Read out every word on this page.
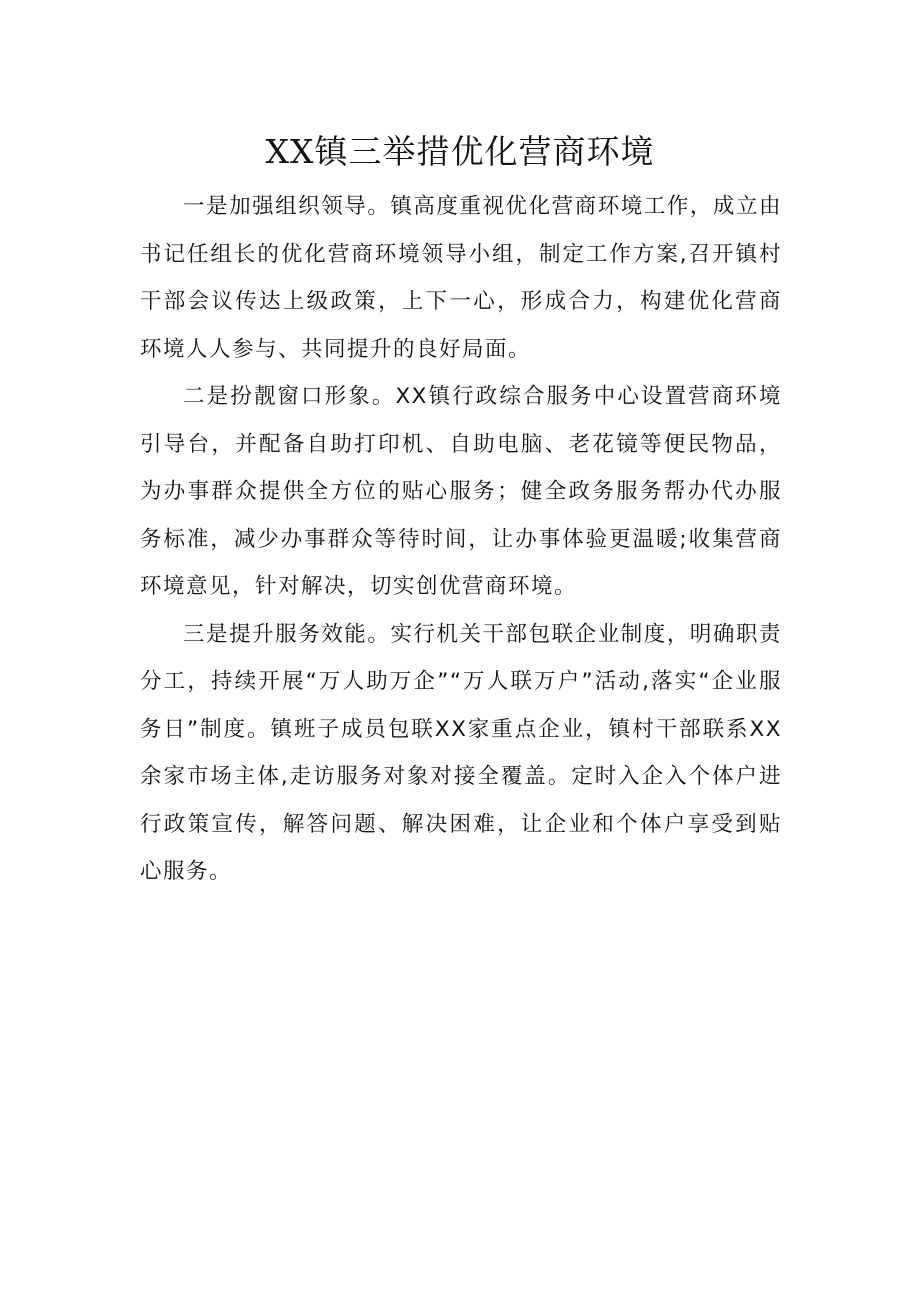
XX镇三举措优化营商环境

一是加强组织领导。镇高度重视优化营商环境工作，成立由书记任组长的优化营商环境领导小组，制定工作方案,召开镇村干部会议传达上级政策，上下一心，形成合力，构建优化营商环境人人参与、共同提升的良好局面。

二是扮靓窗口形象。XX镇行政综合服务中心设置营商环境引导台，并配备自助打印机、自助电脑、老花镜等便民物品，为办事群众提供全方位的贴心服务；健全政务服务帮办代办服务标准，减少办事群众等待时间，让办事体验更温暖;收集营商环境意见，针对解决，切实创优营商环境。

三是提升服务效能。实行机关干部包联企业制度，明确职责分工，持续开展“万人助万企”“万人联万户”活动,落实“企业服务日”制度。镇班子成员包联XX家重点企业，镇村干部联系XX余家市场主体,走访服务对象对接全覆盖。定时入企入个体户进行政策宣传，解答问题、解决困难，让企业和个体户享受到贴心服务。
